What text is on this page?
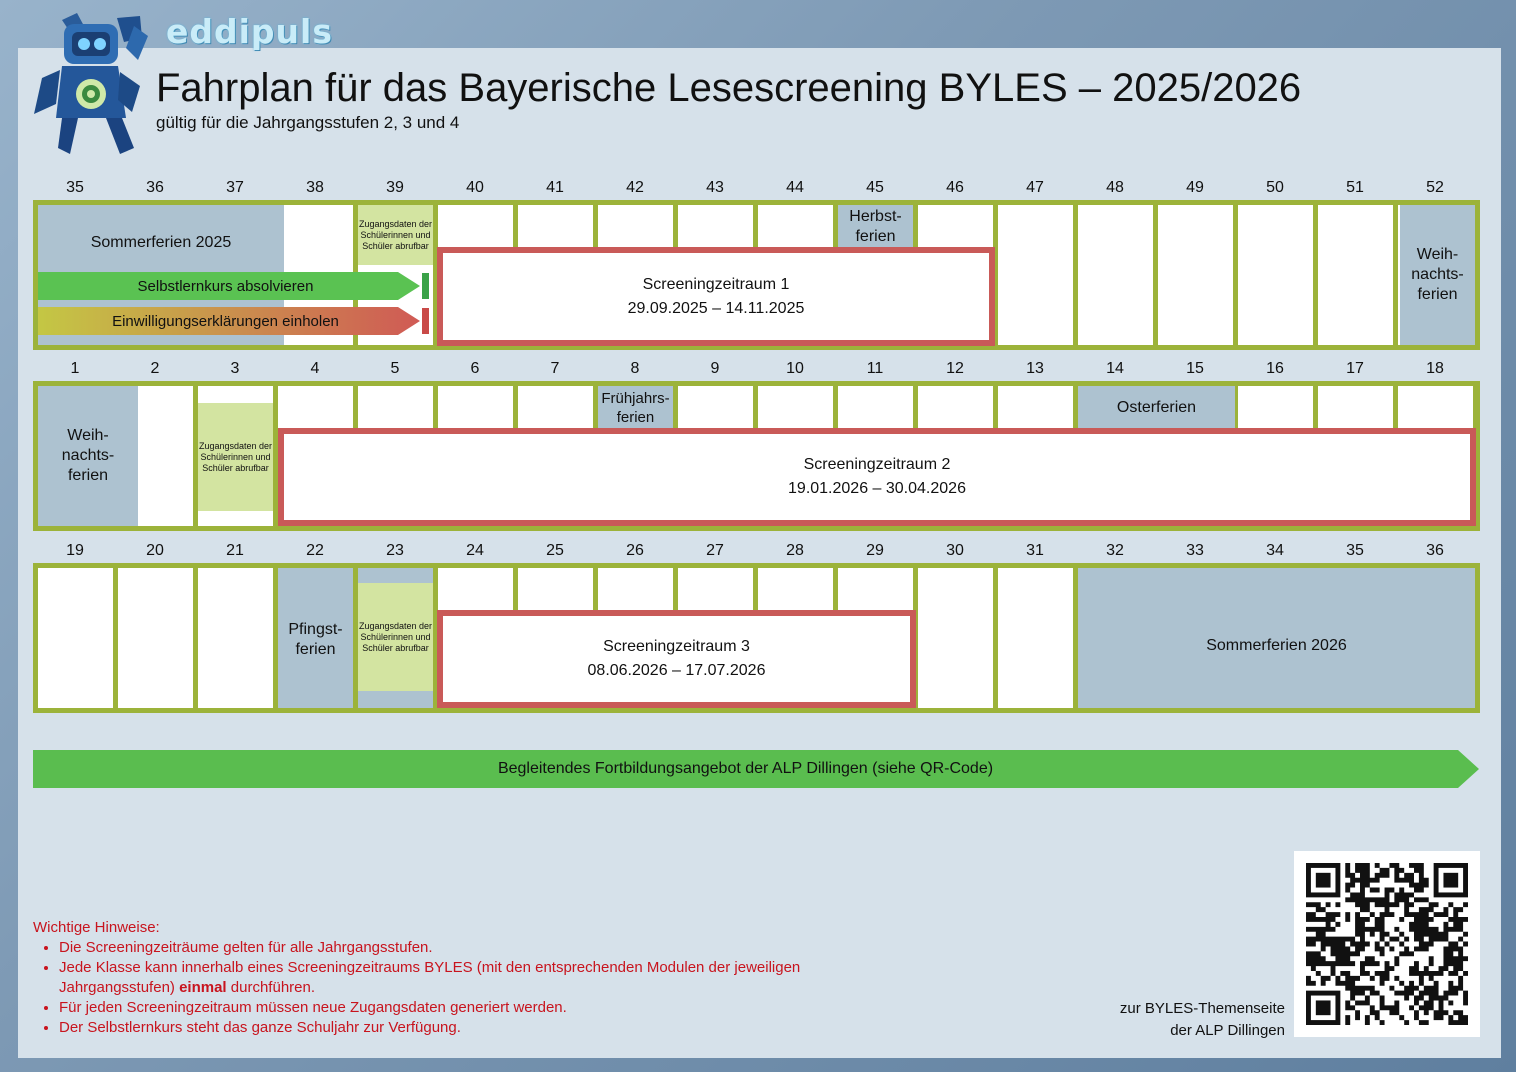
eddipuls
Fahrplan für das Bayerische Lesescreening BYLES – 2025/2026
gültig für die Jahrgangsstufen 2, 3 und 4
35	36	37	38	39	40	41	42	43	44	45	46	47	48	49	50	51	52
Sommerferien 2025
Zugangsdaten der Schülerinnen und Schüler abrufbar
Herbst-
ferien
Weih-
nachts-
ferien
Screeningzeitraum 1
29.09.2025 – 14.11.2025
Selbstlernkurs absolvieren
Einwilligungserklärungen einholen
1	2	3	4	5	6	7	8	9	10	11	12	13	14	15	16	17	18
Weih-
nachts-
ferien
Zugangsdaten der Schülerinnen und Schüler abrufbar
Frühjahrs-
ferien
Osterferien
Screeningzeitraum 2
19.01.2026 – 30.04.2026
19	20	21	22	23	24	25	26	27	28	29	30	31	32	33	34	35	36
Pfingst-
ferien
Zugangsdaten der Schülerinnen und Schüler abrufbar	Sommerferien 2026
Screeningzeitraum 3
08.06.2026 – 17.07.2026
Begleitendes Fortbildungsangebot der ALP Dillingen (siehe QR-Code)
Wichtige Hinweise:
• Die Screeningzeiträume gelten für alle Jahrgangsstufen.
• Jede Klasse kann innerhalb eines Screeningzeitraums BYLES (mit den entsprechenden Modulen der jeweiligen Jahrgangsstufen) einmal durchführen.
• Für jeden Screeningzeitraum müssen neue Zugangsdaten generiert werden.
• Der Selbstlernkurs steht das ganze Schuljahr zur Verfügung.
zur BYLES-Themenseite
der ALP Dillingen
